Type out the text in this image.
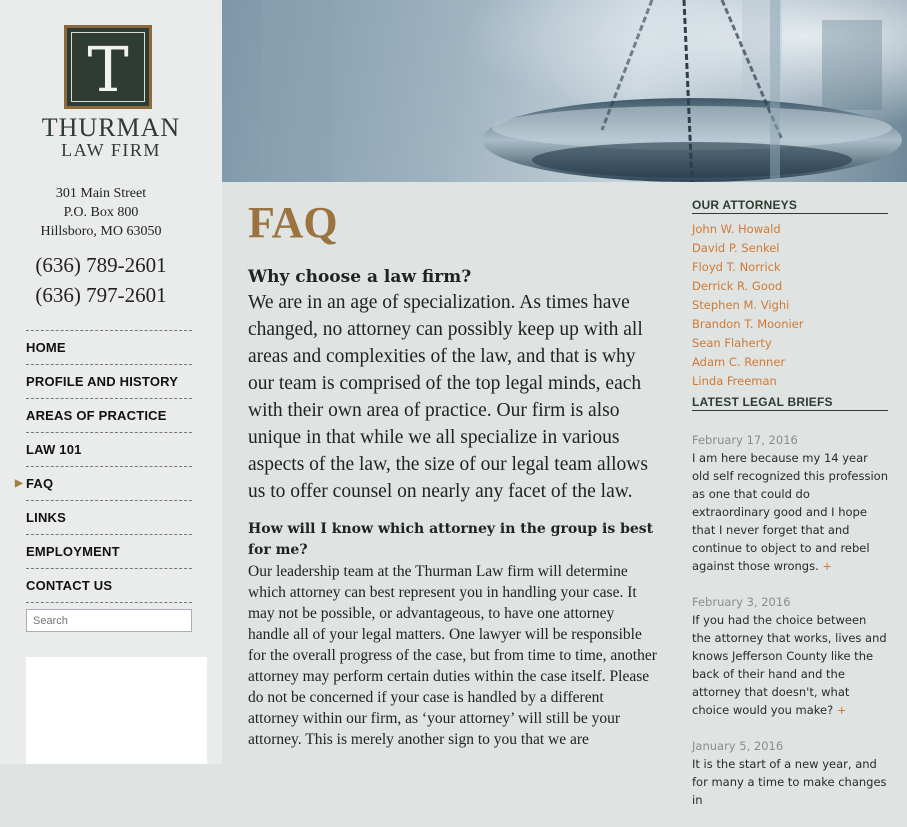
T
THURMAN
LAW FIRM
301 Main Street
P.O. Box 800
Hillsboro, MO 63050
(636) 789-2601
(636) 797-2601
HOME
PROFILE AND HISTORY
AREAS OF PRACTICE
LAW 101
▶ FAQ
LINKS
EMPLOYMENT
CONTACT US
Search
FAQ
Why choose a law firm?
We are in an age of specialization. As times have changed, no attorney can possibly keep up with all areas and complexities of the law, and that is why our team is comprised of the top legal minds, each with their own area of practice. Our firm is also unique in that while we all specialize in various aspects of the law, the size of our legal team allows us to offer counsel on nearly any facet of the law.
How will I know which attorney in the group is best for me?
Our leadership team at the Thurman Law firm will determine which attorney can best represent you in handling your case. It may not be possible, or advantageous, to have one attorney handle all of your legal matters. One lawyer will be responsible for the overall progress of the case, but from time to time, another attorney may perform certain duties within the case itself. Please do not be concerned if your case is handled by a different attorney within our firm, as ‘your attorney’ will still be your attorney. This is merely another sign to you that we are
OUR ATTORNEYS
John W. Howald
David P. Senkel
Floyd T. Norrick
Derrick R. Good
Stephen M. Vighi
Brandon T. Moonier
Sean Flaherty
Adam C. Renner
Linda Freeman
LATEST LEGAL BRIEFS
February 17, 2016
I am here because my 14 year old self recognized this profession as one that could do extraordinary good and I hope that I never forget that and continue to object to and rebel against those wrongs. +
February 3, 2016
If you had the choice between the attorney that works, lives and knows Jefferson County like the back of their hand and the attorney that doesn't, what choice would you make? +
January 5, 2016
It is the start of a new year, and for many a time to make changes in
